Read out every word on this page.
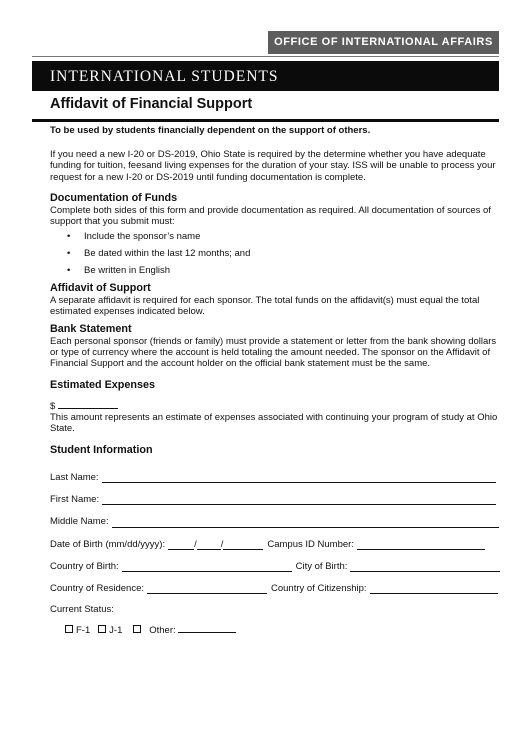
OFFICE OF INTERNATIONAL AFFAIRS
INTERNATIONAL STUDENTS
Affidavit of Financial Support

To be used by students financially dependent on the support of others.

If you need a new I-20 or DS-2019, Ohio State is required by the determine whether you have adequate funding for tuition, feesand living expenses for the duration of your stay. ISS will be unable to process your request for a new I-20 or DS-2019 until funding documentation is complete.

Documentation of Funds

Complete both sides of this form and provide documentation as required. All documentation of sources of support that you submit must:

• Include the sponsor’s name
• Be dated within the last 12 months; and
• Be written in English
Affidavit of Support

A separate affidavit is required for each sponsor. The total funds on the affidavit(s) must equal the total estimated expenses indicated below.

Bank Statement

Each personal sponsor (friends or family) must provide a statement or letter from the bank showing dollars or type of currency where the account is held totaling the amount needed. The sponsor on the Affidavit of Financial Support and the account holder on the official bank statement must be the same.

Estimated Expenses
$

This amount represents an estimate of expenses associated with continuing your program of study at Ohio State.

Student Information
Last Name:
First Name:
Middle Name:
Date of Birth (mm/dd/yyyy):	/	/	Campus ID Number:
Country of Birth:	City of Birth:
Country of Residence:	Country of Citizenship:
Current Status:
F-1 J-1	Other:
